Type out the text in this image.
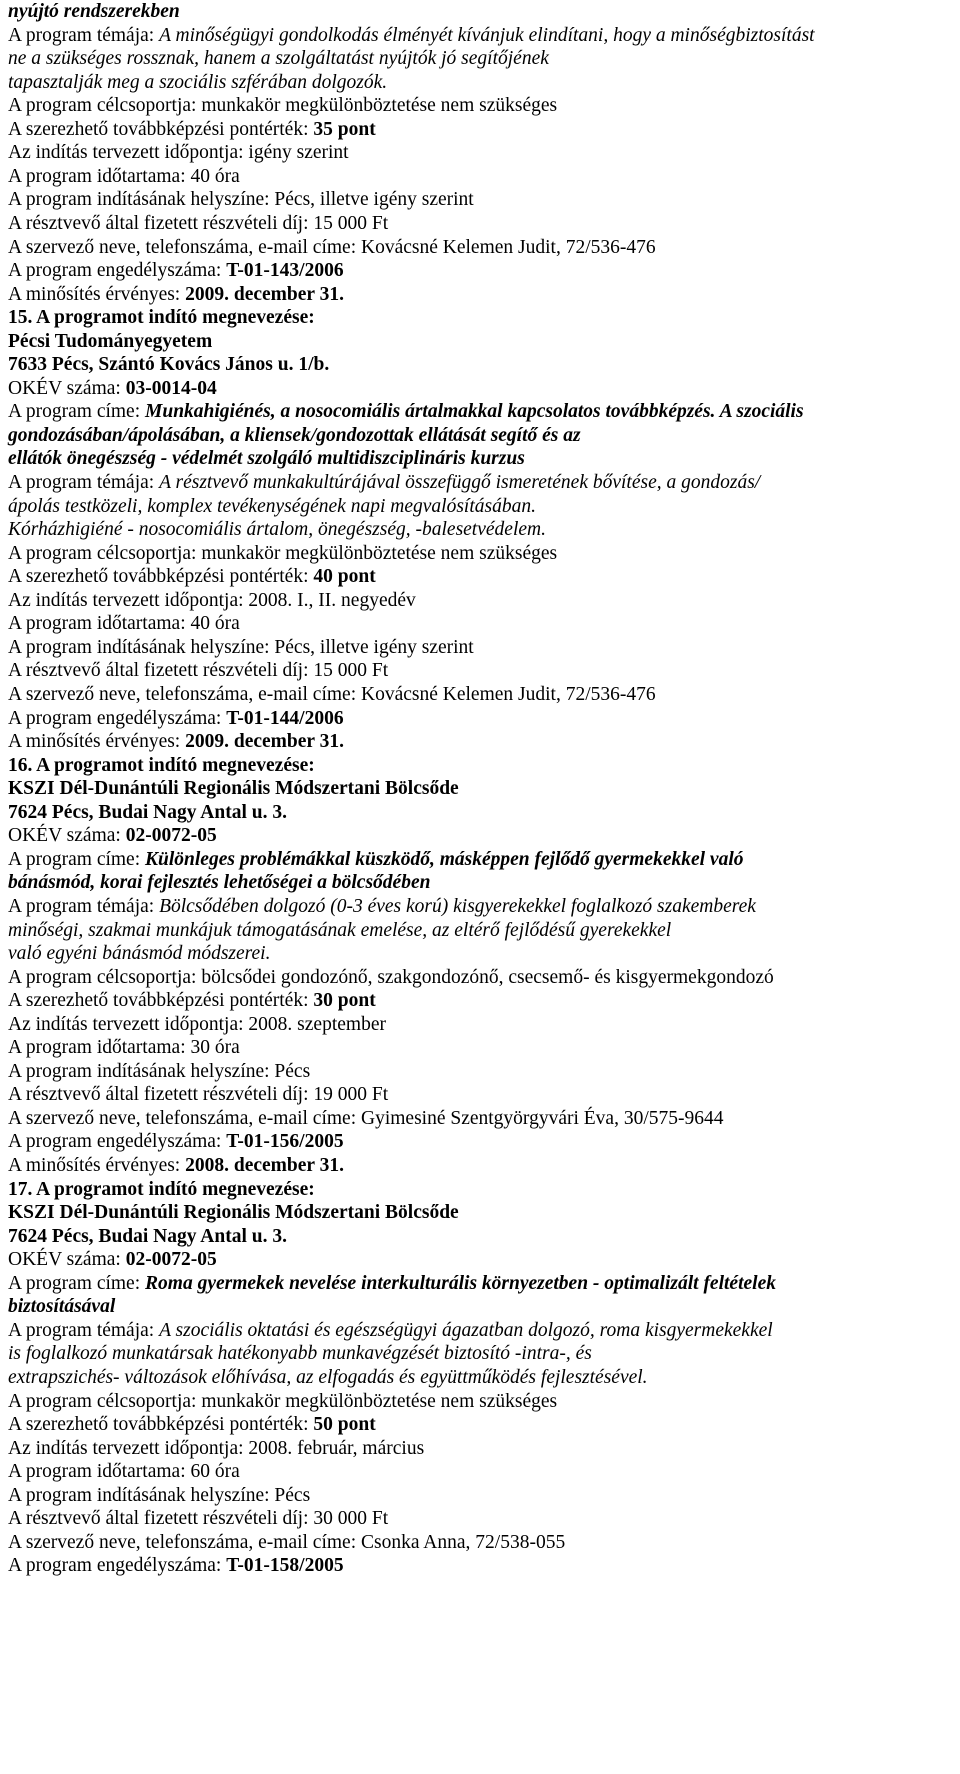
nyújtó rendszerekben
A program témája: A minőségügyi gondolkodás élményét kívánjuk elindítani, hogy a minőségbiztosítást
ne a szükséges rossznak, hanem a szolgáltatást nyújtók jó segítőjének
tapasztalják meg a szociális szférában dolgozók.
A program célcsoportja: munkakör megkülönböztetése nem szükséges
A szerezhető továbbképzési pontérték: 35 pont
Az indítás tervezett időpontja: igény szerint
A program időtartama: 40 óra
A program indításának helyszíne: Pécs, illetve igény szerint
A résztvevő által fizetett részvételi díj: 15 000 Ft
A szervező neve, telefonszáma, e-mail címe: Kovácsné Kelemen Judit, 72/536-476
A program engedélyszáma: T-01-143/2006
A minősítés érvényes: 2009. december 31.
15. A programot indító megnevezése:
Pécsi Tudományegyetem
7633 Pécs, Szántó Kovács János u. 1/b.
OKÉV száma: 03-0014-04
A program címe: Munkahigiénés, a nosocomiális ártalmakkal kapcsolatos továbbképzés. A szociális
gondozásában/ápolásában, a kliensek/gondozottak ellátását segítő és az
ellátók önegészség - védelmét szolgáló multidiszciplináris kurzus
A program témája: A résztvevő munkakultúrájával összefüggő ismeretének bővítése, a gondozás/
ápolás testközeli, komplex tevékenységének napi megvalósításában.
Kórházhigiéné - nosocomiális ártalom, önegészség, -balesetvédelem.
A program célcsoportja: munkakör megkülönböztetése nem szükséges
A szerezhető továbbképzési pontérték: 40 pont
Az indítás tervezett időpontja: 2008. I., II. negyedév
A program időtartama: 40 óra
A program indításának helyszíne: Pécs, illetve igény szerint
A résztvevő által fizetett részvételi díj: 15 000 Ft
A szervező neve, telefonszáma, e-mail címe: Kovácsné Kelemen Judit, 72/536-476
A program engedélyszáma: T-01-144/2006
A minősítés érvényes: 2009. december 31.
16. A programot indító megnevezése:
KSZI Dél-Dunántúli Regionális Módszertani Bölcsőde
7624 Pécs, Budai Nagy Antal u. 3.
OKÉV száma: 02-0072-05
A program címe: Különleges problémákkal küszködő, másképpen fejlődő gyermekekkel való
bánásmód, korai fejlesztés lehetőségei a bölcsődében
A program témája: Bölcsődében dolgozó (0-3 éves korú) kisgyerekekkel foglalkozó szakemberek
minőségi, szakmai munkájuk támogatásának emelése, az eltérő fejlődésű gyerekekkel
való egyéni bánásmód módszerei.
A program célcsoportja: bölcsődei gondozónő, szakgondozónő, csecsemő- és kisgyermekgondozó
A szerezhető továbbképzési pontérték: 30 pont
Az indítás tervezett időpontja: 2008. szeptember
A program időtartama: 30 óra
A program indításának helyszíne: Pécs
A résztvevő által fizetett részvételi díj: 19 000 Ft
A szervező neve, telefonszáma, e-mail címe: Gyimesiné Szentgyörgyvári Éva, 30/575-9644
A program engedélyszáma: T-01-156/2005
A minősítés érvényes: 2008. december 31.
17. A programot indító megnevezése:
KSZI Dél-Dunántúli Regionális Módszertani Bölcsőde
7624 Pécs, Budai Nagy Antal u. 3.
OKÉV száma: 02-0072-05
A program címe: Roma gyermekek nevelése interkulturális környezetben - optimalizált feltételek
biztosításával
A program témája: A szociális oktatási és egészségügyi ágazatban dolgozó, roma kisgyermekekkel
is foglalkozó munkatársak hatékonyabb munkavégzését biztosító -intra-, és
extrapszichés- változások előhívása, az elfogadás és együttműködés fejlesztésével.
A program célcsoportja: munkakör megkülönböztetése nem szükséges
A szerezhető továbbképzési pontérték: 50 pont
Az indítás tervezett időpontja: 2008. február, március
A program időtartama: 60 óra
A program indításának helyszíne: Pécs
A résztvevő által fizetett részvételi díj: 30 000 Ft
A szervező neve, telefonszáma, e-mail címe: Csonka Anna, 72/538-055
A program engedélyszáma: T-01-158/2005
